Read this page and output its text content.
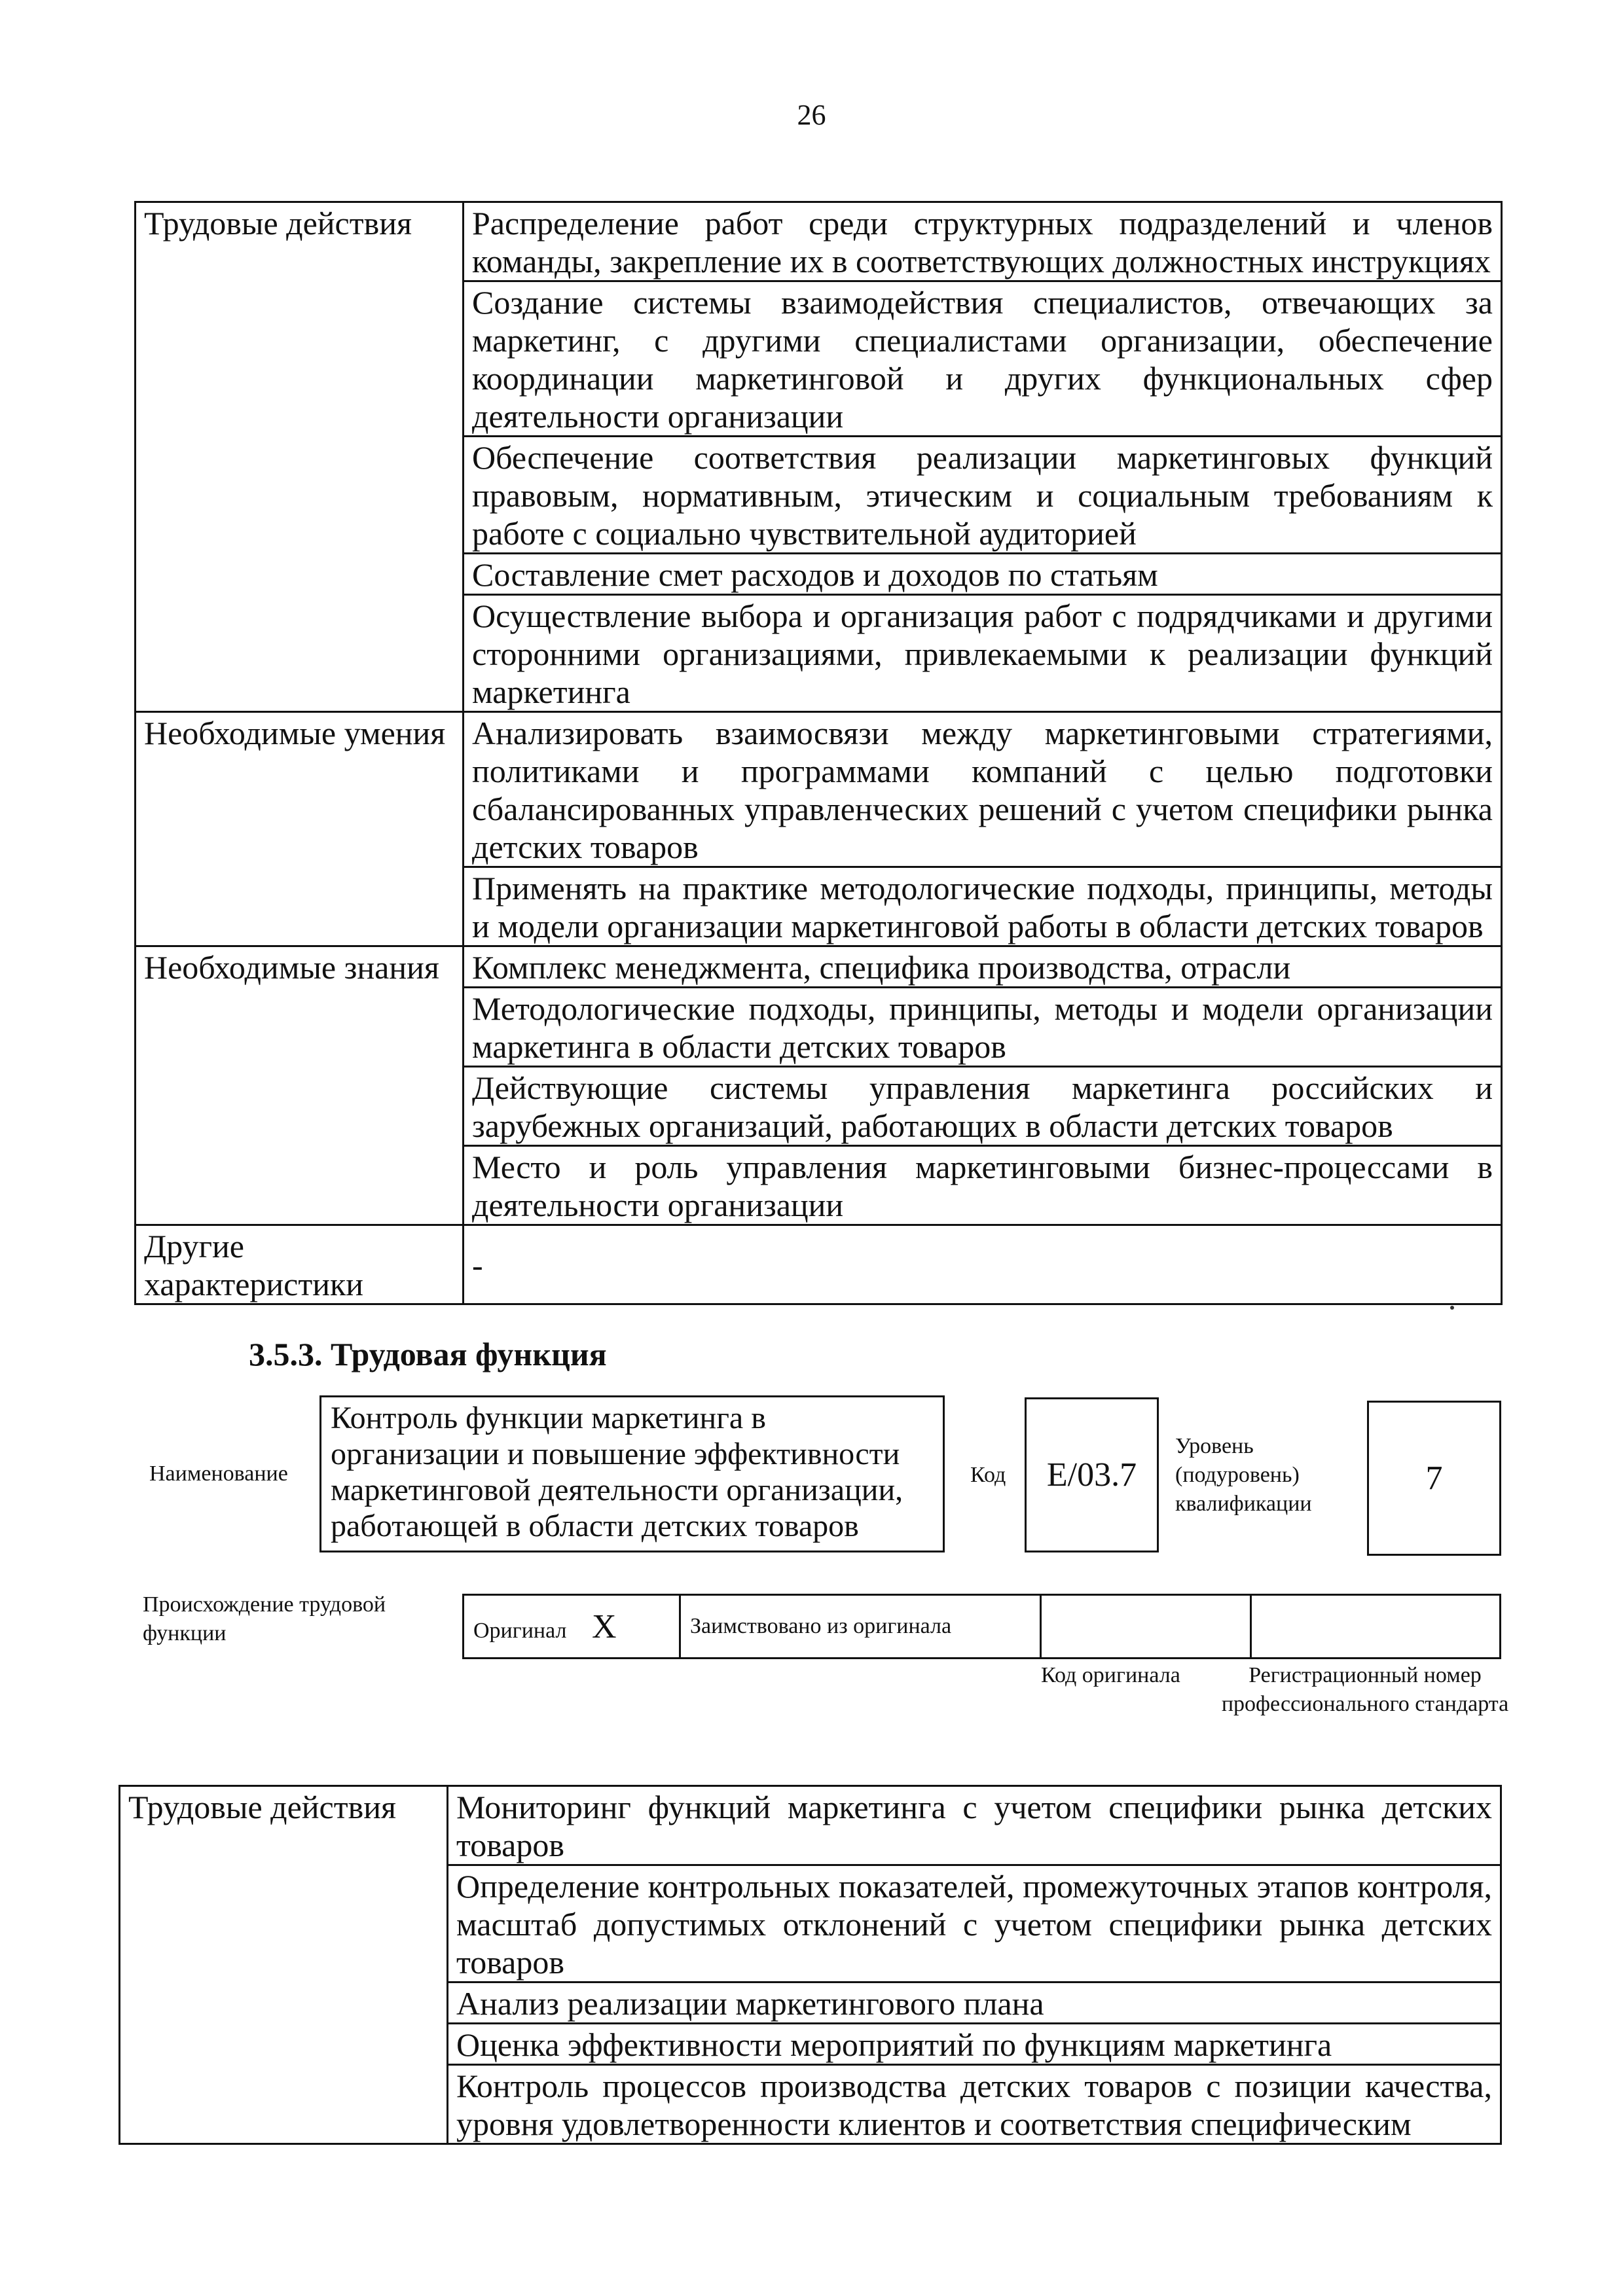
26
Трудовые действия	Распределение работ среди структурных подразделений и членов команды, закрепление их в соответствующих должностных инструкциях
	Создание системы взаимодействия специалистов, отвечающих за маркетинг, с другими специалистами организации, обеспечение координации маркетинговой и других функциональных сфер деятельности организации
	Обеспечение соответствия реализации маркетинговых функций правовым, нормативным, этическим и социальным требованиям к работе с социально чувствительной аудиторией
	Составление смет расходов и доходов по статьям
	Осуществление выбора и организация работ с подрядчиками и другими сторонними организациями, привлекаемыми к реализации функций маркетинга
Необходимые умения	Анализировать взаимосвязи между маркетинговыми стратегиями, политиками и программами компаний с целью подготовки сбалансированных управленческих решений с учетом специфики рынка детских товаров
	Применять на практике методологические подходы, принципы, методы и модели организации маркетинговой работы в области детских товаров
Необходимые знания	Комплекс менеджмента, специфика производства, отрасли
	Методологические подходы, принципы, методы и модели организации маркетинга в области детских товаров
	Действующие системы управления маркетинга российских и зарубежных организаций, работающих в области детских товаров
	Место и роль управления маркетинговыми бизнес-процессами в деятельности организации
Другие характеристики	-
3.5.3. Трудовая функция
Наименование
Контроль функции маркетинга в организации и повышение эффективности маркетинговой деятельности организации, работающей в области детских товаров
Код	E/03.7
Уровень (подуровень) квалификации
7
Происхождение трудовой функции	Оригинал X	Заимствовано из оригинала		
Код оригинала	Регистрационный номер профессионального стандарта
Трудовые действия	Мониторинг функций маркетинга с учетом специфики рынка детских товаров
Определение контрольных показателей, промежуточных этапов контроля, масштаб допустимых отклонений с учетом специфики рынка детских товаров
Анализ реализации маркетингового плана
Оценка эффективности мероприятий по функциям маркетинга
Контроль процессов производства детских товаров с позиции качества, уровня удовлетворенности клиентов и соответствия специфическим
